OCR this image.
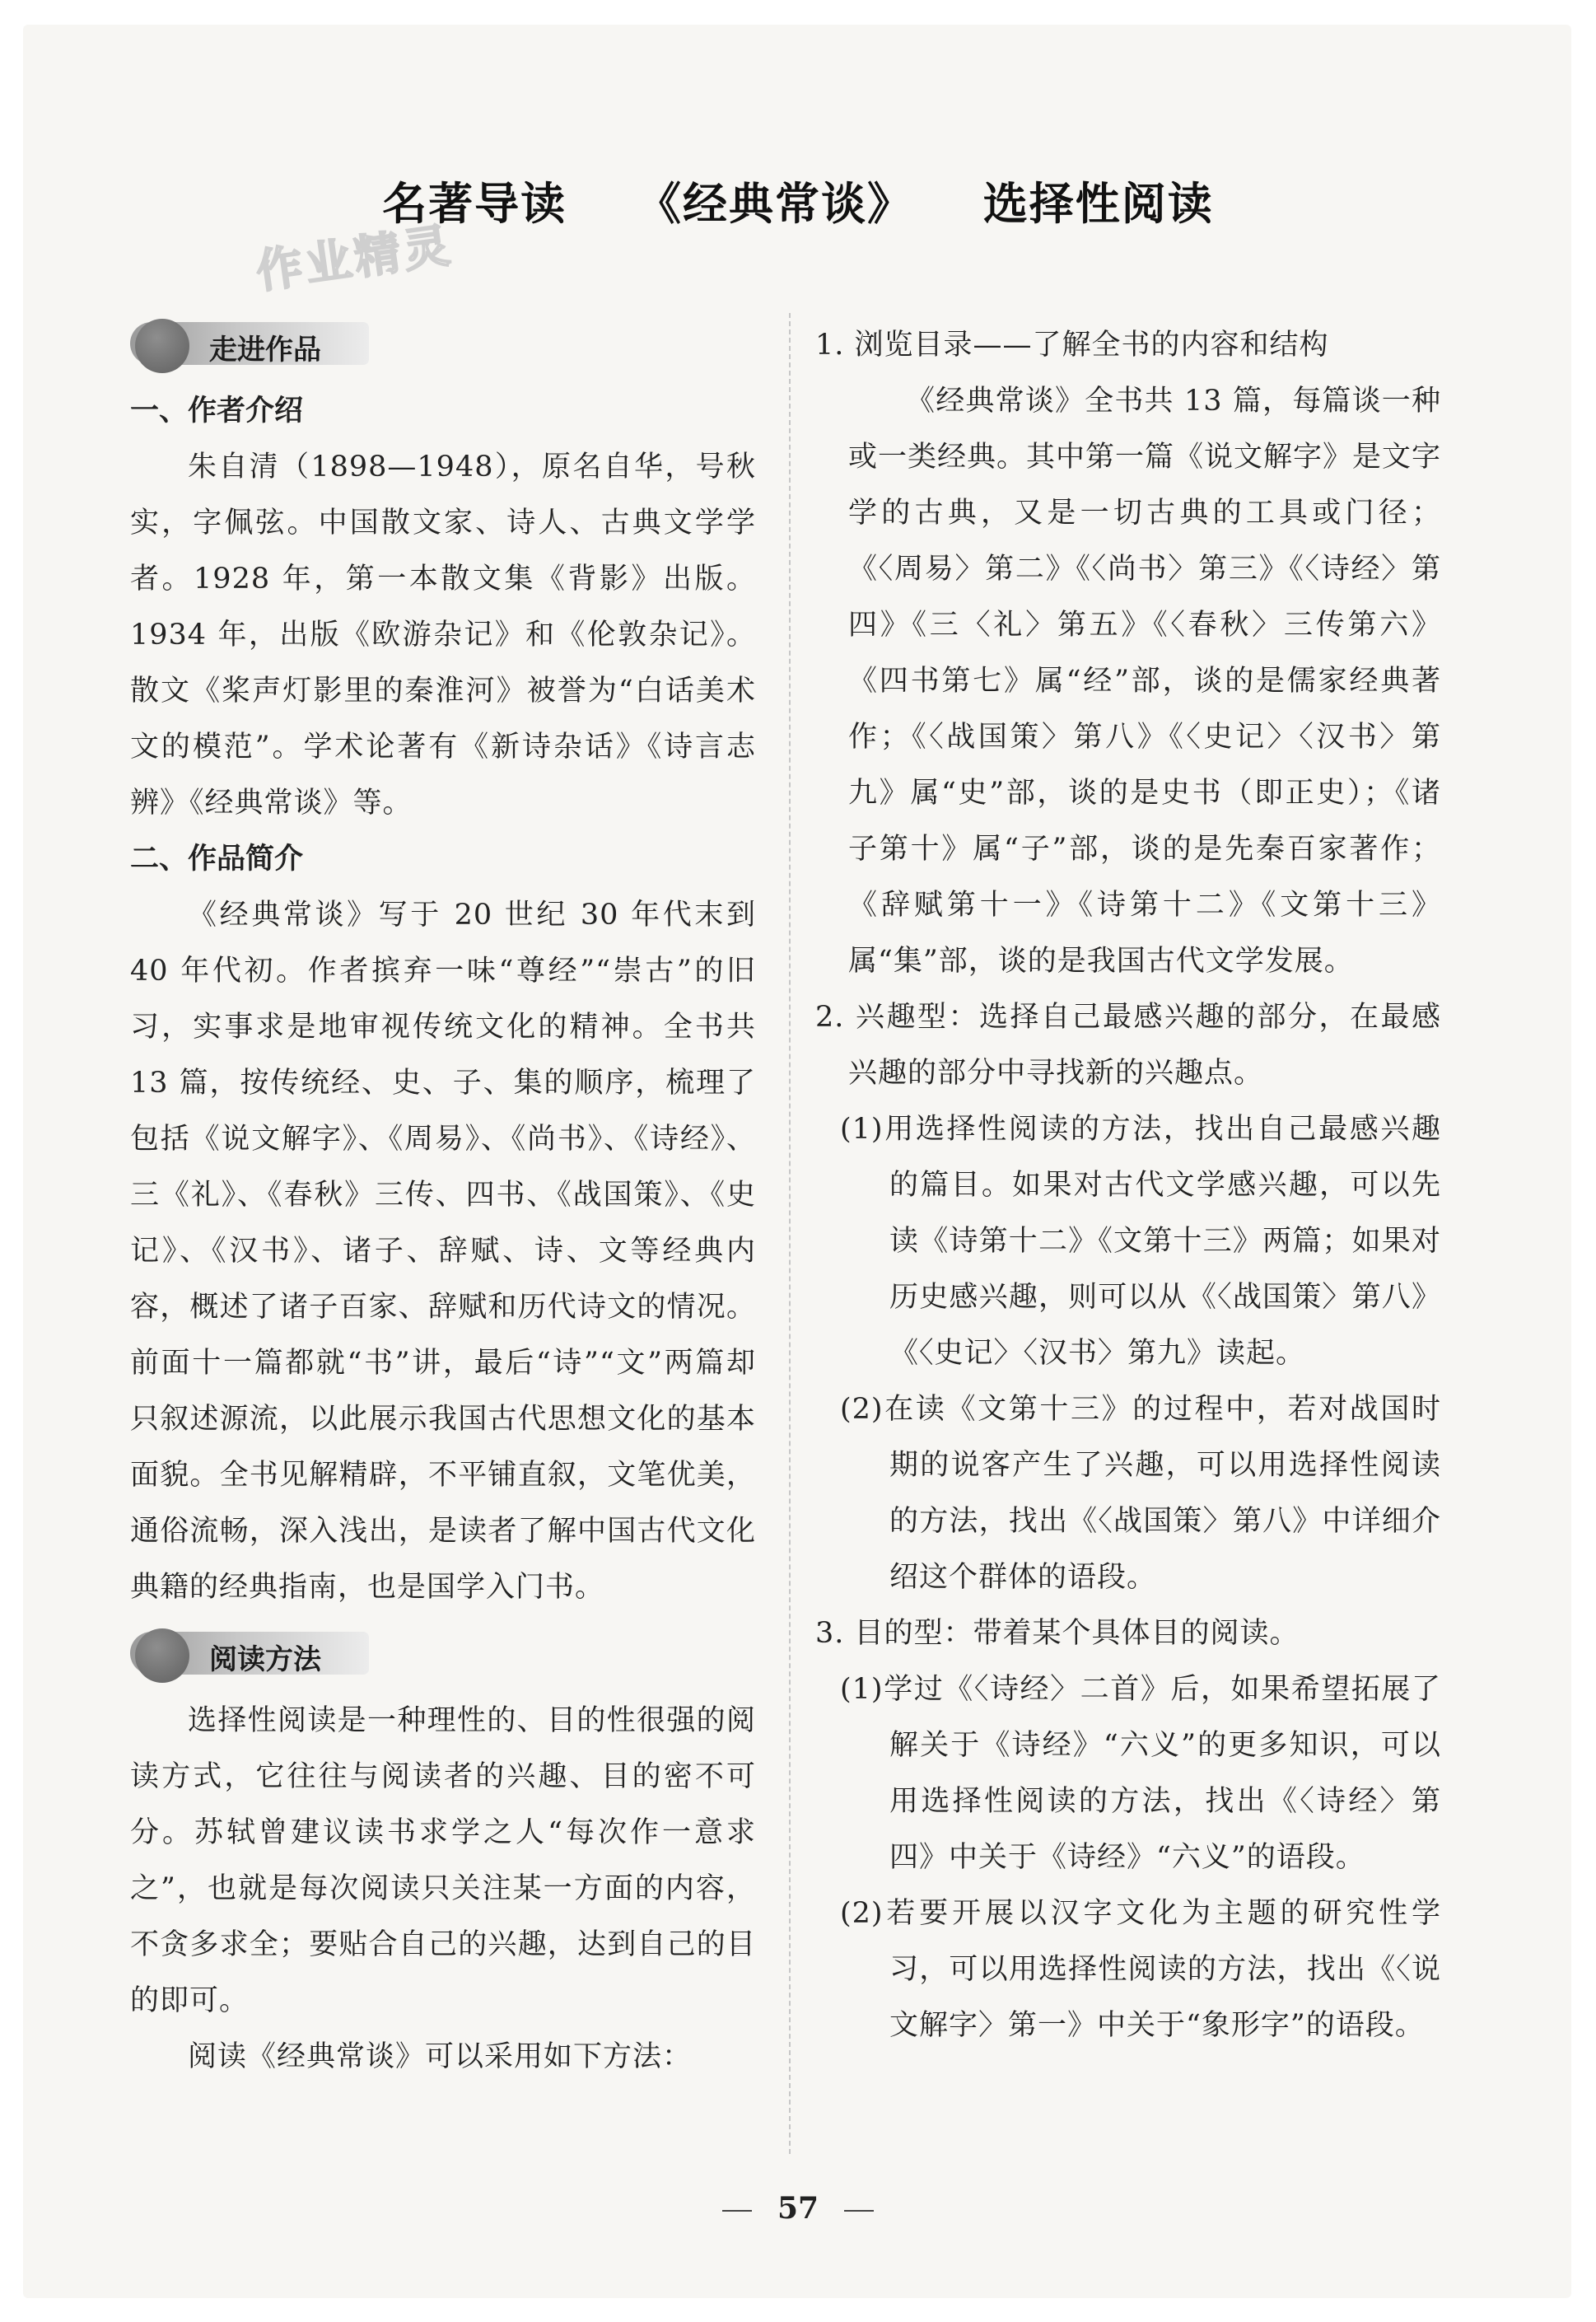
名著导读 《经典常谈》 选择性阅读
作业精灵
走进作品

一、作者介绍

朱自清（1898—1948），原名自华，号秋实，字佩弦。中国散文家、诗人、古典文学学者。1928 年，第一本散文集《背影》出版。1934 年，出版《欧游杂记》和《伦敦杂记》。散文《桨声灯影里的秦淮河》被誉为“白话美术文的模范”。学术论著有《新诗杂话》《诗言志辨》《经典常谈》等。

二、作品简介

《经典常谈》写于 20 世纪 30 年代末到 40 年代初。作者摈弃一味“尊经”“崇古”的旧习，实事求是地审视传统文化的精神。全书共 13 篇，按传统经、史、子、集的顺序，梳理了包括《说文解字》、《周易》、《尚书》、《诗经》、三《礼》、《春秋》三传、四书、《战国策》、《史记》、《汉书》、诸子、辞赋、诗、文等经典内容，概述了诸子百家、辞赋和历代诗文的情况。前面十一篇都就“书”讲，最后“诗”“文”两篇却只叙述源流，以此展示我国古代思想文化的基本面貌。全书见解精辟，不平铺直叙，文笔优美，通俗流畅，深入浅出，是读者了解中国古代文化典籍的经典指南，也是国学入门书。

阅读方法

选择性阅读是一种理性的、目的性很强的阅读方式，它往往与阅读者的兴趣、目的密不可分。苏轼曾建议读书求学之人“每次作一意求之”，也就是每次阅读只关注某一方面的内容，不贪多求全；要贴合自己的兴趣，达到自己的目的即可。

阅读《经典常谈》可以采用如下方法：

1. 浏览目录——了解全书的内容和结构

《经典常谈》全书共 13 篇，每篇谈一种或一类经典。其中第一篇《说文解字》是文字学的古典，又是一切古典的工具或门径；《〈周易〉第二》《〈尚书〉第三》《〈诗经〉第四》《三〈礼〉第五》《〈春秋〉三传第六》《四书第七》属“经”部，谈的是儒家经典著作；《〈战国策〉第八》《〈史记〉〈汉书〉第九》属“史”部，谈的是史书（即正史）；《诸子第十》属“子”部，谈的是先秦百家著作；《辞赋第十一》《诗第十二》《文第十三》属“集”部，谈的是我国古代文学发展。

2. 兴趣型：选择自己最感兴趣的部分，在最感兴趣的部分中寻找新的兴趣点。

(1)用选择性阅读的方法，找出自己最感兴趣的篇目。如果对古代文学感兴趣，可以先读《诗第十二》《文第十三》两篇；如果对历史感兴趣，则可以从《〈战国策〉第八》《〈史记〉〈汉书〉第九》读起。

(2)在读《文第十三》的过程中，若对战国时期的说客产生了兴趣，可以用选择性阅读的方法，找出《〈战国策〉第八》中详细介绍这个群体的语段。

3. 目的型：带着某个具体目的阅读。

(1)学过《〈诗经〉二首》后，如果希望拓展了解关于《诗经》“六义”的更多知识，可以用选择性阅读的方法，找出《〈诗经〉第四》中关于《诗经》“六义”的语段。

(2)若要开展以汉字文化为主题的研究性学习，可以用选择性阅读的方法，找出《〈说文解字〉第一》中关于“象形字”的语段。

57
